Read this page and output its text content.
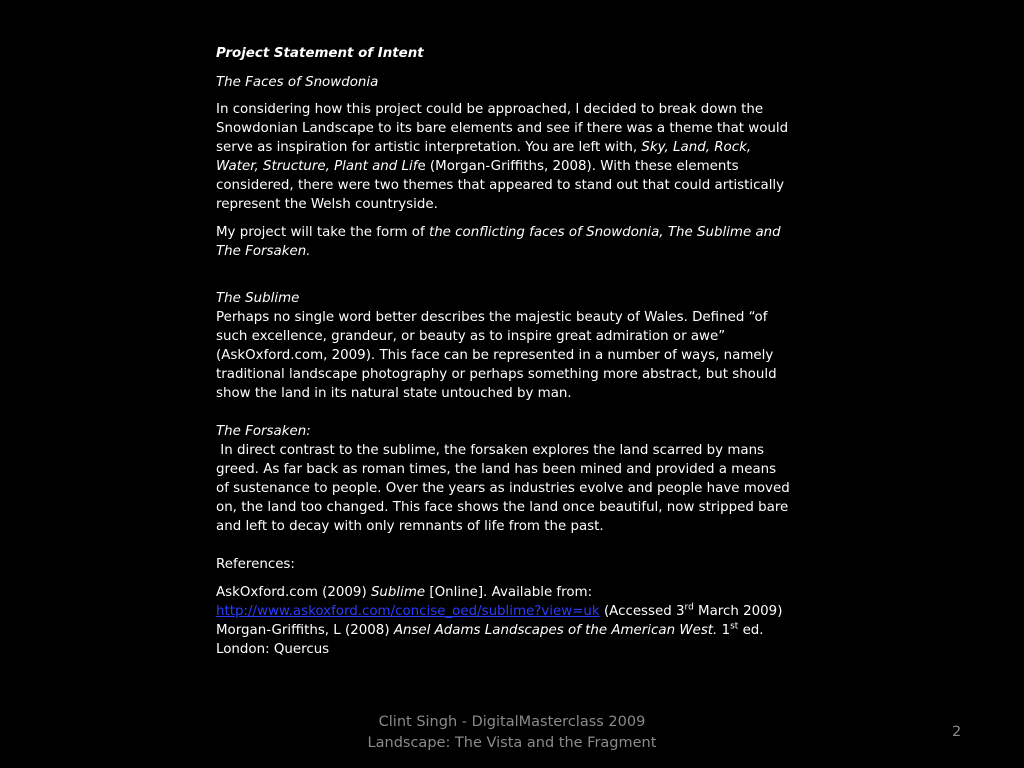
Project Statement of Intent
The Faces of Snowdonia

In considering how this project could be approached, I decided to break down the Snowdonian Landscape to its bare elements and see if there was a theme that would serve as inspiration for artistic interpretation. You are left with, Sky, Land, Rock, Water, Structure, Plant and Life (Morgan-Griffiths, 2008). With these elements considered, there were two themes that appeared to stand out that could artistically represent the Welsh countryside.

My project will take the form of the conflicting faces of Snowdonia, The Sublime and The Forsaken.

The Sublime
Perhaps no single word better describes the majestic beauty of Wales. Defined “of such excellence, grandeur, or beauty as to inspire great admiration or awe” (AskOxford.com, 2009). This face can be represented in a number of ways, namely traditional landscape photography or perhaps something more abstract, but should show the land in its natural state untouched by man.
The Forsaken:
In direct contrast to the sublime, the forsaken explores the land scarred by mans greed. As far back as roman times, the land has been mined and provided a means of sustenance to people. Over the years as industries evolve and people have moved on, the land too changed. This face shows the land once beautiful, now stripped bare and left to decay with only remnants of life from the past.

References:

AskOxford.com (2009) Sublime [Online]. Available from: http://www.askoxford.com/concise_oed/sublime?view=uk (Accessed 3rd March 2009)
Morgan-Griffiths, L (2008) Ansel Adams Landscapes of the American West. 1st ed. London: Quercus
Clint Singh - DigitalMasterclass 2009
Landscape: The Vista and the Fragment
2
